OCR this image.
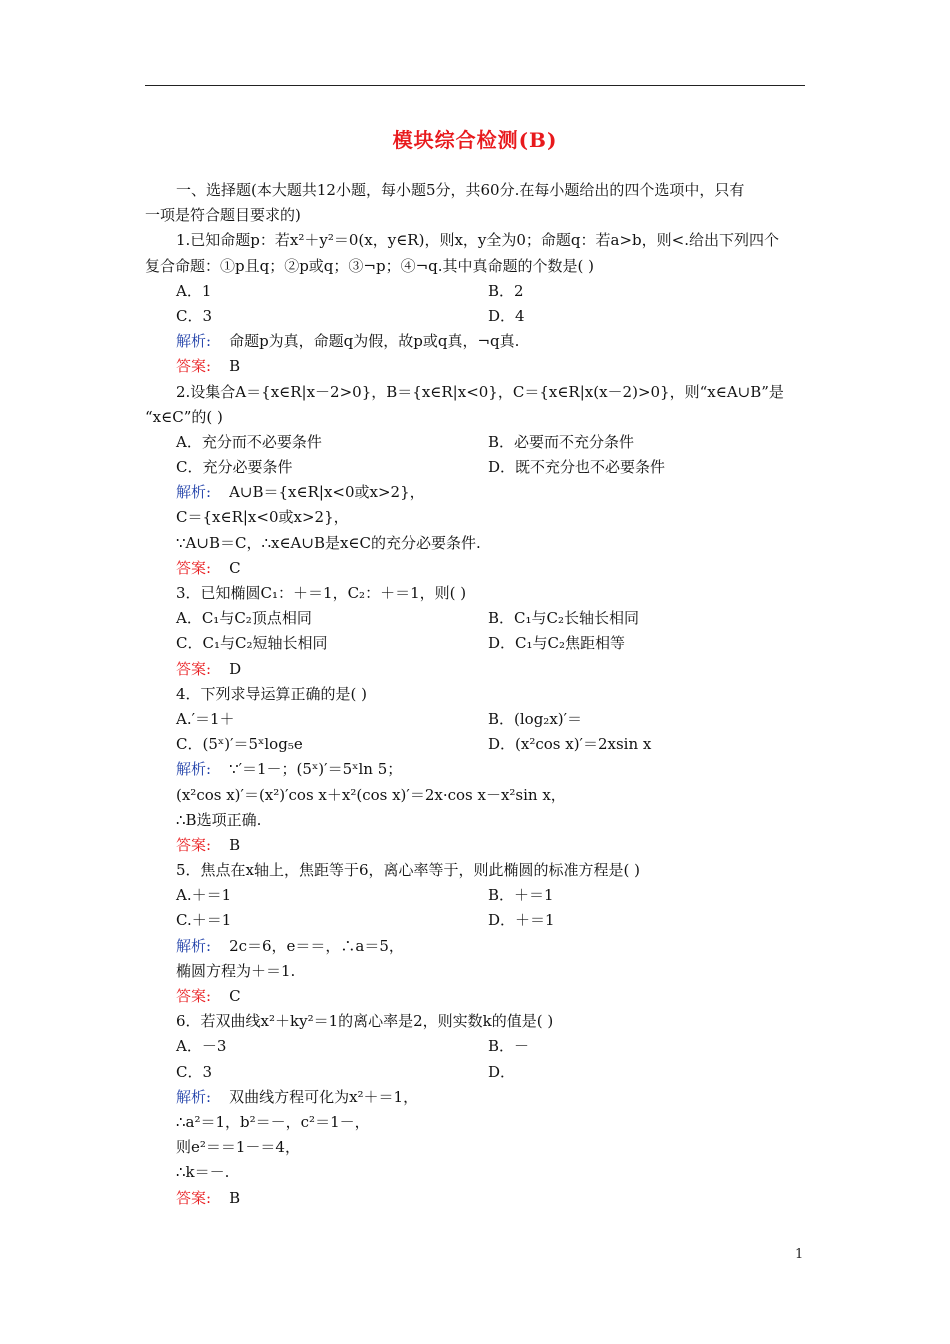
模块综合检测(B)
一、选择题(本大题共12小题，每小题5分，共60分.在每小题给出的四个选项中，只有
一项是符合题目要求的)
1.已知命题p：若x²＋y²＝0(x，y∈R)，则x，y全为0；命题q：若a>b，则<.给出下列四个
复合命题：①p且q；②p或q；③¬p；④¬q.其中真命题的个数是( )
A．1	B．2
C．3	D．4
解析: 命题p为真，命题q为假，故p或q真，¬q真.
答案: B
2.设集合A＝{x∈R|x－2>0}，B＝{x∈R|x<0}，C＝{x∈R|x(x－2)>0}，则“x∈A∪B”是
“x∈C”的( )
A．充分而不必要条件	B．必要而不充分条件
C．充分必要条件	D．既不充分也不必要条件
解析: A∪B＝{x∈R|x<0或x>2}，
C＝{x∈R|x<0或x>2}，
∵A∪B＝C，∴x∈A∪B是x∈C的充分必要条件.
答案: C
3．已知椭圆C₁：＋＝1，C₂：＋＝1，则( )
A．C₁与C₂顶点相同	B．C₁与C₂长轴长相同
C．C₁与C₂短轴长相同	D．C₁与C₂焦距相等
答案: D
4．下列求导运算正确的是( )
A.′＝1＋	B．(log₂x)′＝
C．(5ˣ)′＝5ˣlog₅e	D．(x²cos x)′＝2xsin x
解析: ∵′＝1－；(5ˣ)′＝5ˣln 5；
(x²cos x)′＝(x²)′cos x＋x²(cos x)′＝2x·cos x－x²sin x，
∴B选项正确.
答案: B
5．焦点在x轴上，焦距等于6，离心率等于，则此椭圆的标准方程是( )
A.＋＝1	B．＋＝1
C.＋＝1	D．＋＝1
解析: 2c＝6，e＝＝，∴a＝5，
椭圆方程为＋＝1.
答案: C
6．若双曲线x²＋ky²＝1的离心率是2，则实数k的值是( )
A．－3	B．－
C．3	D．
解析: 双曲线方程可化为x²＋＝1，
∴a²＝1，b²＝－，c²＝1－，
则e²＝＝1－＝4，
∴k＝－.
答案: B
1
